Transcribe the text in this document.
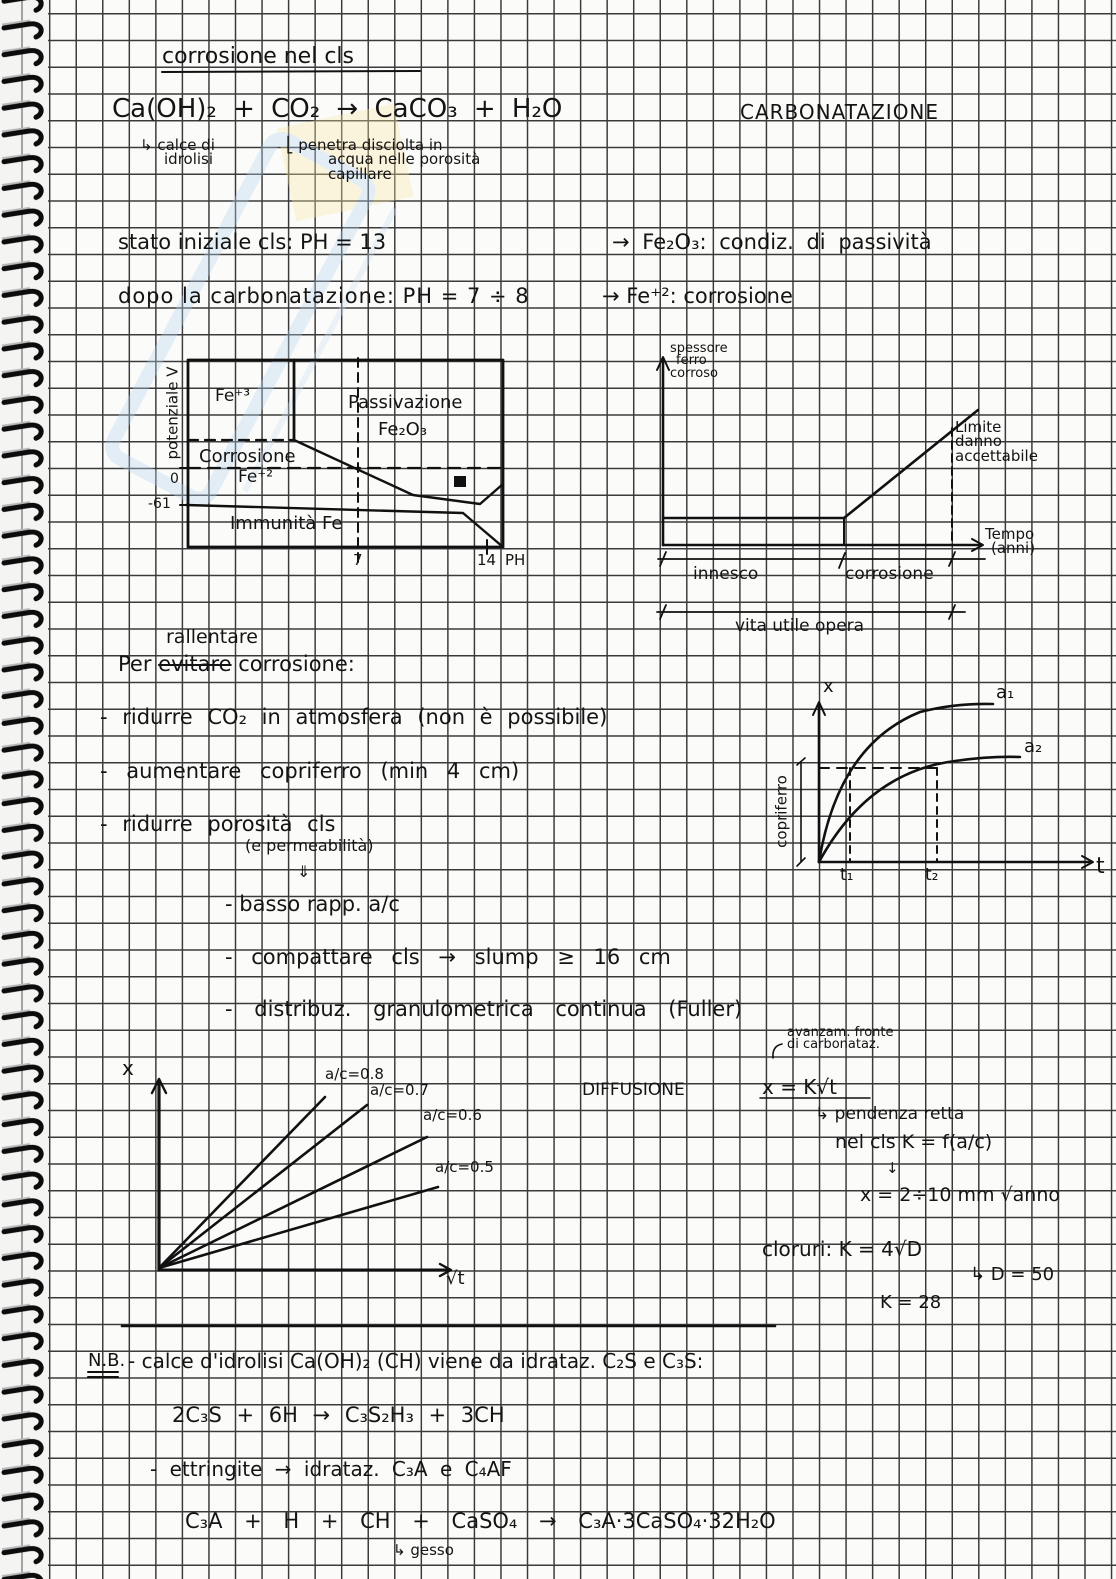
corrosione nel cls
Ca(OH)₂ + CO₂ → CaCO₃ + H₂O	CARBONATAZIONE
↳ calce di
idrolisi
⎣ penetra disciolta in
acqua nelle porosità
capillare
stato iniziale cls: PH = 13	→ Fe₂O₃: condiz. di passività
dopo la carbonatazione: PH = 7 ÷ 8	→ Fe⁺²: corrosione
potenziale V Fe⁺³	Passivazione
Fe₂O₃
Corrosione
Fe⁺²
0
-61
Immunità Fe
7	14 PH
spessore
ferro
corroso
Limite
danno
accettabile
Tempo
(anni)
innesco	corrosione
vita utile opera
rallentare
Per evitare corrosione:
- ridurre CO₂ in atmosfera (non è possibile)
- aumentare copriferro (min 4 cm)
- ridurre porosità cls
(e permeabilità)
⇓
- basso rapp. a/c
- compattare cls → slump ≥ 16 cm
- distribuz. granulometrica continua (Fuller)
x	a₁
a₂
t₁	t₂	t
copriferro
x	a/c=0.8
a/c=0.7
a/c=0.6
a/c=0.5
√t
avanzam. fronte
di carbonataz.
DIFFUSIONE	x = K√t
↳ pendenza retta
nel cls K = f(a/c)
↓
x = 2÷10 mm √anno
cloruri: K = 4√D
↳ D = 50
K = 28
N.B. - calce d'idrolisi Ca(OH)₂ (CH) viene da idrataz. C₂S e C₃S:
2C₃S + 6H → C₃S₂H₃ + 3CH
- ettringite → idrataz. C₃A e C₄AF
C₃A + H + CH + CaSO₄ → C₃A·3CaSO₄·32H₂O
↳ gesso
